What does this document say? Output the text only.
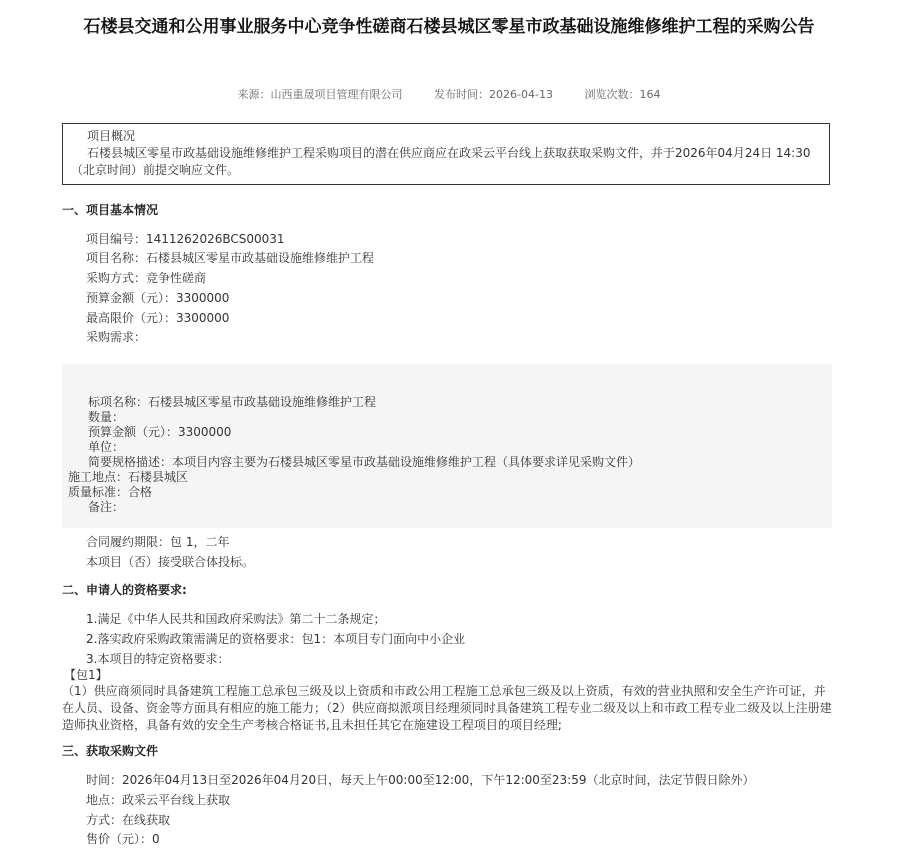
石楼县交通和公用事业服务中心竞争性磋商石楼县城区零星市政基础设施维修维护工程的采购公告
来源：山西重晟项目管理有限公司	发布时间：2026-04-13	浏览次数：164
项目概况
石楼县城区零星市政基础设施维修维护工程采购项目的潜在供应商应在政采云平台线上获取获取采购文件，并于2026年04月24日 14:30（北京时间）前提交响应文件。
一、项目基本情况
项目编号：1411262026BCS00031
项目名称：石楼县城区零星市政基础设施维修维护工程
采购方式：竞争性磋商
预算金额（元）：3300000
最高限价（元）：3300000
采购需求：
标项名称：石楼县城区零星市政基础设施维修维护工程
数量：
预算金额（元）：3300000
单位：
简要规格描述：本项目内容主要为石楼县城区零星市政基础设施维修维护工程（具体要求详见采购文件）
施工地点：石楼县城区
质量标准：合格
备注：
合同履约期限：包 1，二年
本项目（否）接受联合体投标。
二、申请人的资格要求:
1.满足《中华人民共和国政府采购法》第二十二条规定；
2.落实政府采购政策需满足的资格要求：包1：本项目专门面向中小企业
3.本项目的特定资格要求：
【包1】
（1）供应商须同时具备建筑工程施工总承包三级及以上资质和市政公用工程施工总承包三级及以上资质，有效的营业执照和安全生产许可证，并在人员、设备、资金等方面具有相应的施工能力；（2）供应商拟派项目经理须同时具备建筑工程专业二级及以上和市政工程专业二级及以上注册建造师执业资格，具备有效的安全生产考核合格证书,且未担任其它在施建设工程项目的项目经理;
三、获取采购文件
时间：2026年04月13日至2026年04月20日，每天上午00:00至12:00，下午12:00至23:59（北京时间，法定节假日除外）
地点：政采云平台线上获取
方式：在线获取
售价（元）：0
